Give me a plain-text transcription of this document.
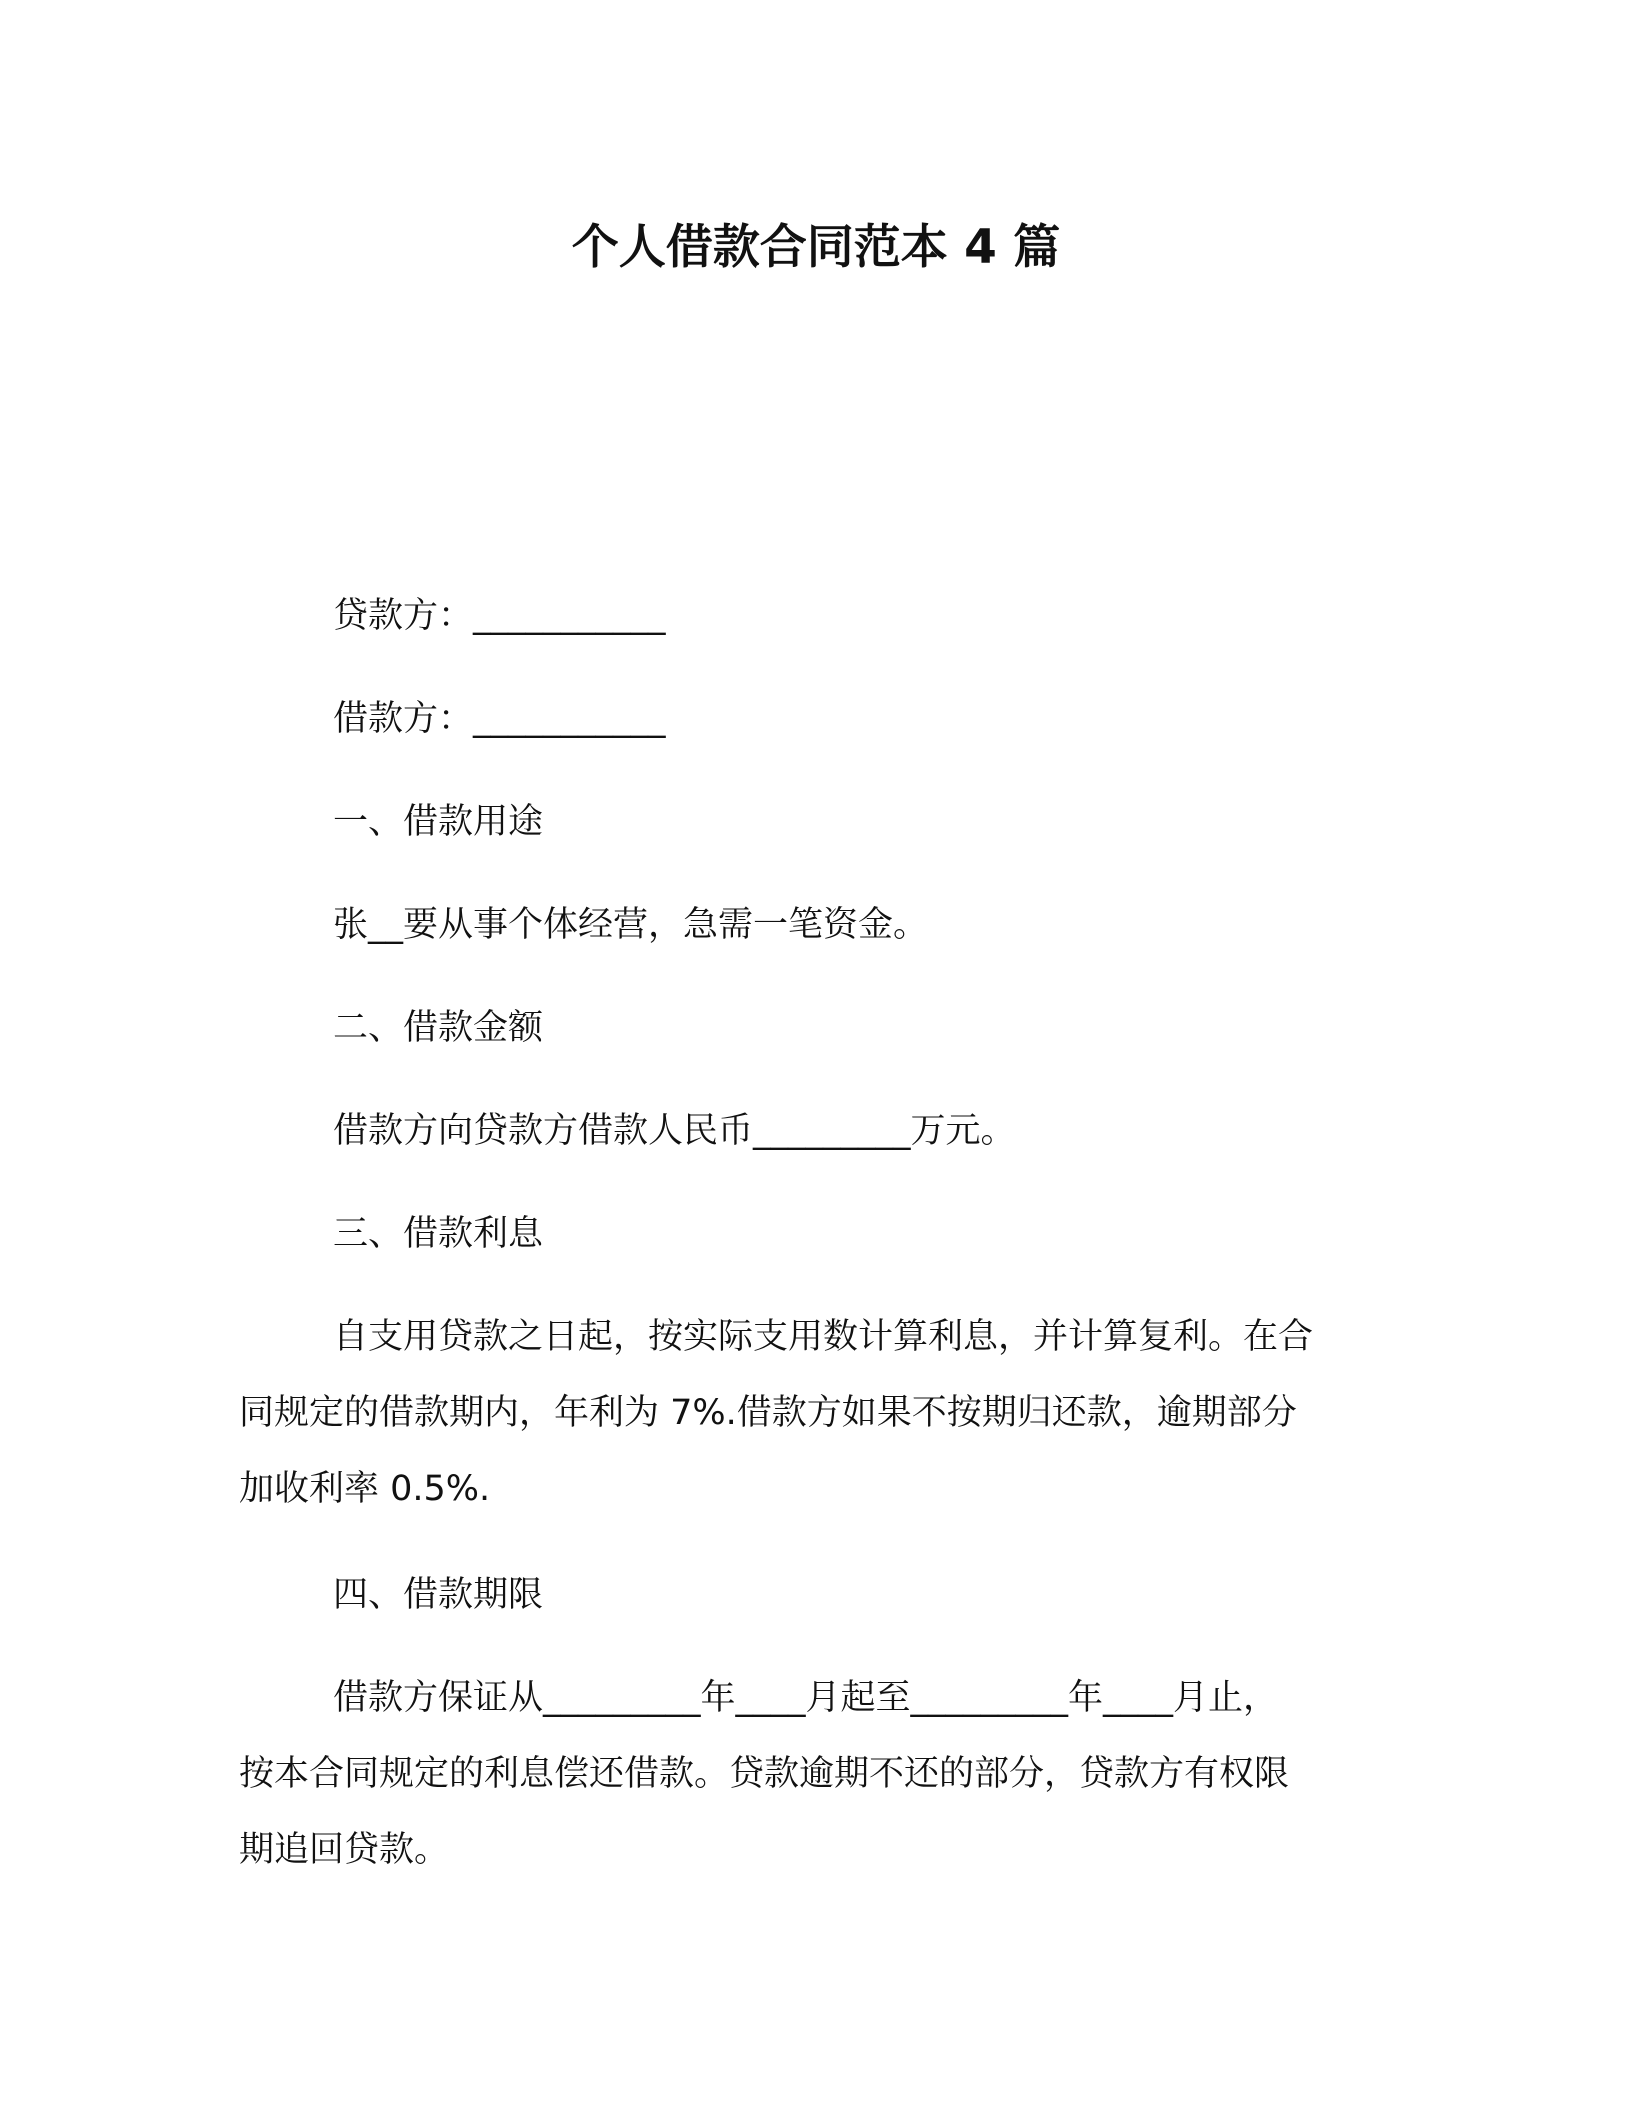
个人借款合同范本 4 篇
贷款方：___________
借款方：___________
一、借款用途
张__要从事个体经营，急需一笔资金。
二、借款金额
借款方向贷款方借款人民币_________万元。
三、借款利息
自支用贷款之日起，按实际支用数计算利息，并计算复利。在合
同规定的借款期内，年利为 7%.借款方如果不按期归还款，逾期部分
加收利率 0.5%.
四、借款期限
借款方保证从_________年____月起至_________年____月止，
按本合同规定的利息偿还借款。贷款逾期不还的部分，贷款方有权限
期追回贷款。
